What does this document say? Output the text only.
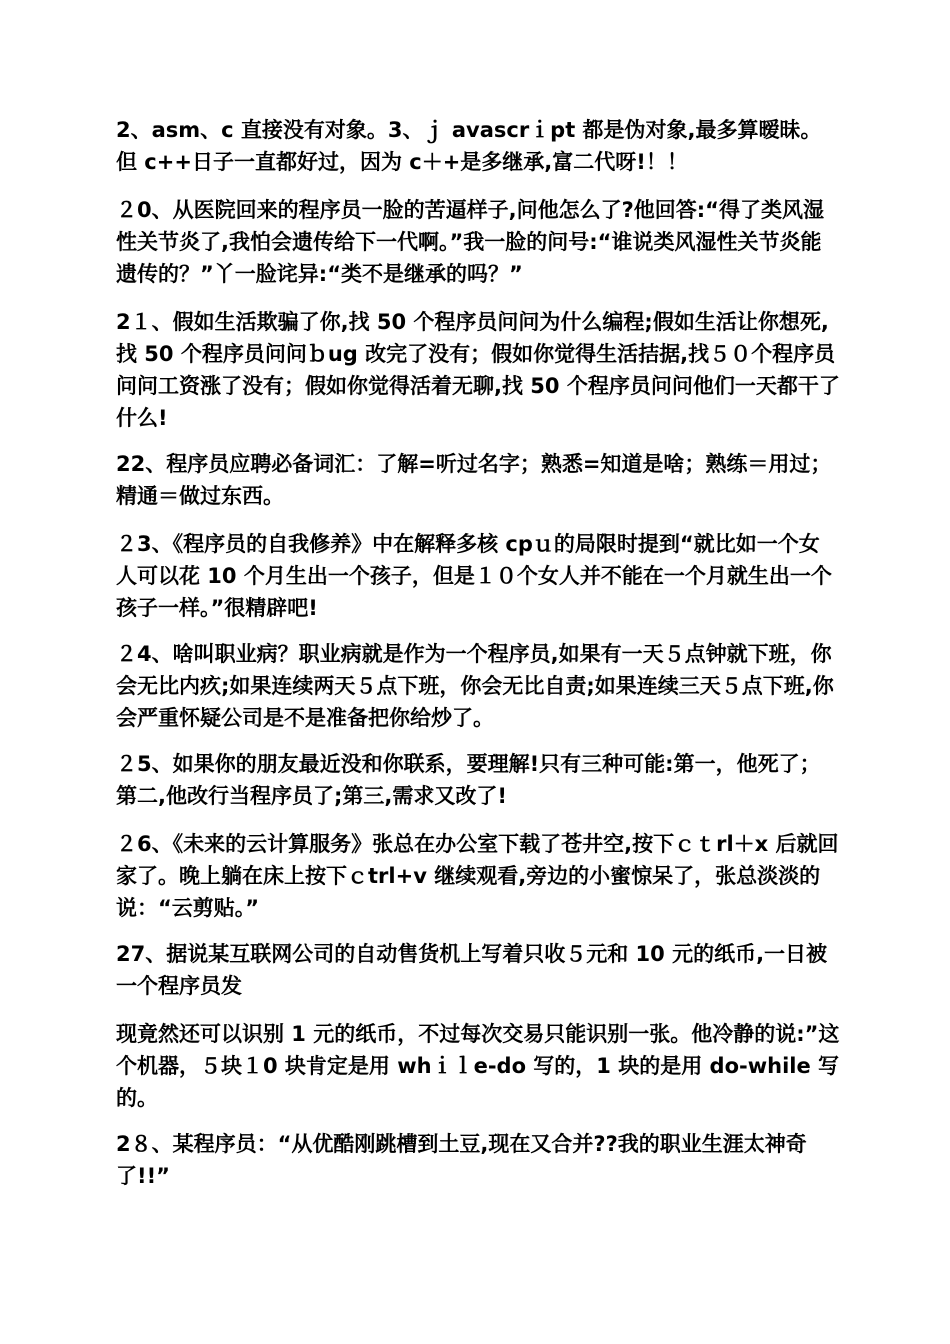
2、asm、c 直接没有对象。3、ｊ avascrｉpt 都是伪对象,最多算暧昧。但 c++日子一直都好过，因为 c＋+是多继承,富二代呀!！！

２0、从医院回来的程序员一脸的苦逼样子,问他怎么了?他回答:“得了类风湿性关节炎了,我怕会遗传给下一代啊。”我一脸的问号:“谁说类风湿性关节炎能遗传的？”丫一脸诧异:“类不是继承的吗？”

2１、假如生活欺骗了你,找 50 个程序员问问为什么编程;假如生活让你想死,找 50 个程序员问问ｂug 改完了没有；假如你觉得生活拮据,找５０个程序员问问工资涨了没有；假如你觉得活着无聊,找 50 个程序员问问他们一天都干了什么!

22、程序员应聘必备词汇：了解=听过名字；熟悉=知道是啥；熟练＝用过；精通＝做过东西。

２3、《程序员的自我修养》中在解释多核 cpｕ的局限时提到“就比如一个女人可以花 10 个月生出一个孩子，但是１０个女人并不能在一个月就生出一个孩子一样。”很精辟吧!

２4、啥叫职业病？职业病就是作为一个程序员,如果有一天５点钟就下班，你会无比内疚;如果连续两天５点下班，你会无比自责;如果连续三天５点下班,你会严重怀疑公司是不是准备把你给炒了。

２5、如果你的朋友最近没和你联系，要理解!只有三种可能:第一，他死了；第二,他改行当程序员了;第三,需求又改了!

２6、《未来的云计算服务》张总在办公室下载了苍井空,按下ｃｔrl＋x 后就回家了。晚上躺在床上按下ｃtrl+v 继续观看,旁边的小蜜惊呆了，张总淡淡的说：“云剪贴。”

27、据说某互联网公司的自动售货机上写着只收５元和 10 元的纸币,一日被一个程序员发

现竟然还可以识别 1 元的纸币，不过每次交易只能识别一张。他冷静的说:”这个机器，５块１0 块肯定是用 whｉｌe-do 写的，1 块的是用 do-while 写的。

2８、某程序员：“从优酷刚跳槽到土豆,现在又合并??我的职业生涯太神奇了!!”
